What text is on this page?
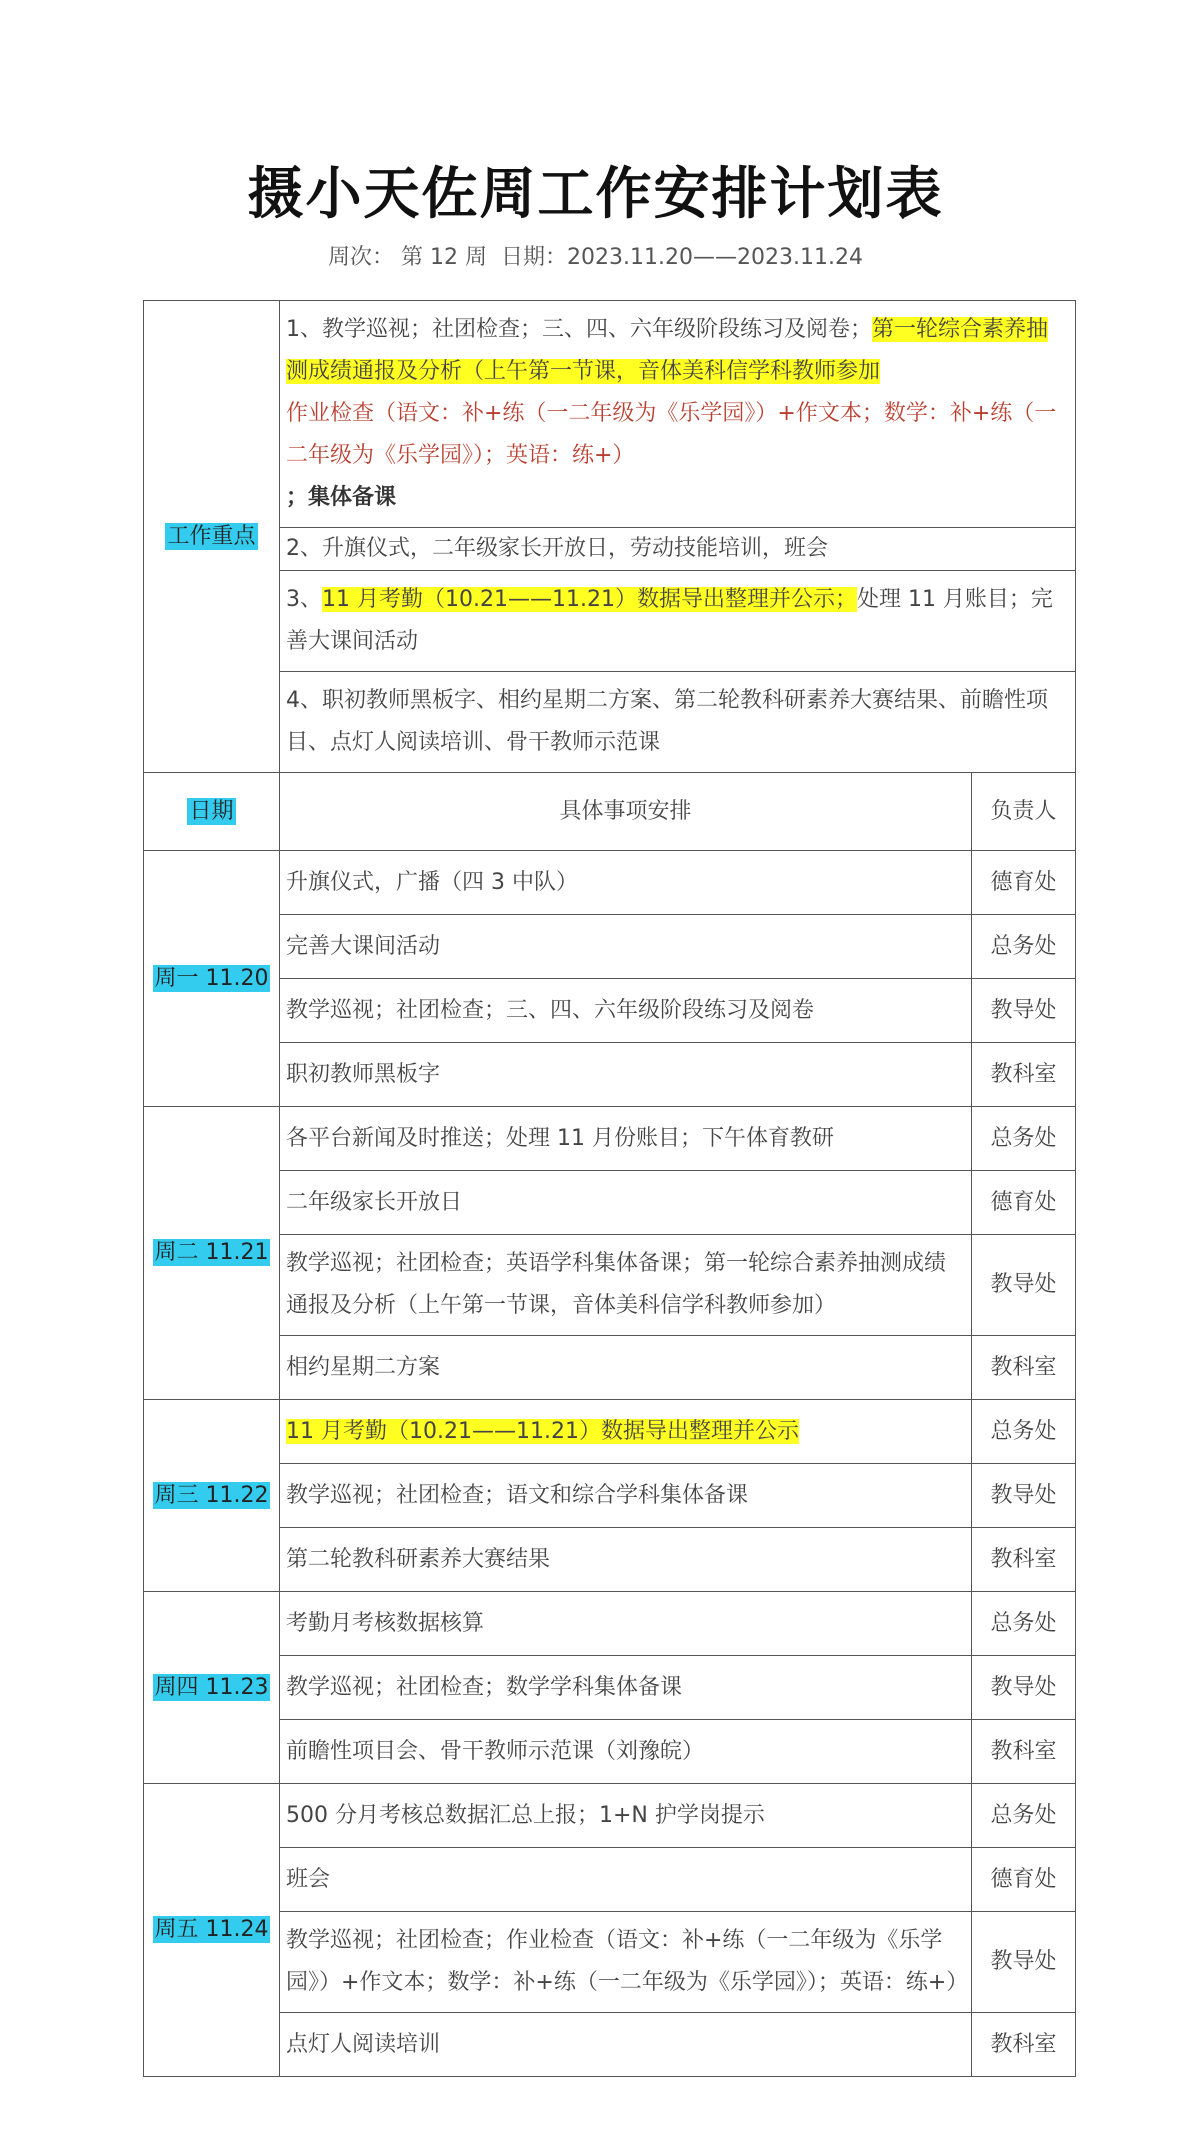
摄小天佐周工作安排计划表
周次： 第 12 周 日期：2023.11.20——2023.11.24
工作重点	1、教学巡视；社团检查；三、四、六年级阶段练习及阅卷；第一轮综合素养抽测成绩通报及分析（上午第一节课，音体美科信学科教师参加
作业检查（语文：补+练（一二年级为《乐学园》）+作文本；数学：补+练（一二年级为《乐学园》）；英语：练+）
；集体备课	
	2、升旗仪式，二年级家长开放日，劳动技能培训，班会	
	3、11 月考勤（10.21——11.21）数据导出整理并公示；处理 11 月账目；完善大课间活动	
	4、职初教师黑板字、相约星期二方案、第二轮教科研素养大赛结果、前瞻性项目、点灯人阅读培训、骨干教师示范课	
日期	具体事项安排	负责人
周一 11.20	升旗仪式，广播（四 3 中队）	德育处
	完善大课间活动	总务处
	教学巡视；社团检查；三、四、六年级阶段练习及阅卷	教导处
	职初教师黑板字	教科室
周二 11.21	各平台新闻及时推送；处理 11 月份账目；下午体育教研	总务处
	二年级家长开放日	德育处
	教学巡视；社团检查；英语学科集体备课；第一轮综合素养抽测成绩通报及分析（上午第一节课，音体美科信学科教师参加）	教导处
	相约星期二方案	教科室
周三 11.22	11 月考勤（10.21——11.21）数据导出整理并公示	总务处
	教学巡视；社团检查；语文和综合学科集体备课	教导处
	第二轮教科研素养大赛结果	教科室
周四 11.23	考勤月考核数据核算	总务处
	教学巡视；社团检查；数学学科集体备课	教导处
	前瞻性项目会、骨干教师示范课（刘豫皖）	教科室
周五 11.24	500 分月考核总数据汇总上报；1+N 护学岗提示	总务处
	班会	德育处
	教学巡视；社团检查；作业检查（语文：补+练（一二年级为《乐学园》）+作文本；数学：补+练（一二年级为《乐学园》）；英语：练+）	教导处
	点灯人阅读培训	教科室
